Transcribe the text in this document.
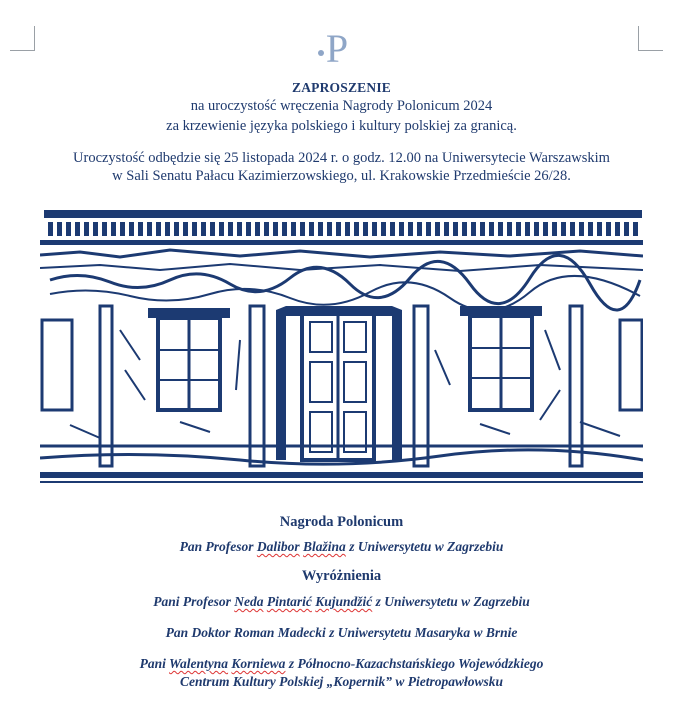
P
ZAPROSZENIE
na uroczystość wręczenia Nagrody Polonicum 2024
za krzewienie języka polskiego i kultury polskiej za granicą.
Uroczystość odbędzie się 25 listopada 2024 r. o godz. 12.00 na Uniwersytecie Warszawskim
w Sali Senatu Pałacu Kazimierzowskiego, ul. Krakowskie Przedmieście 26/28.
Nagroda Polonicum
Pan Profesor Dalibor Blažina z Uniwersytetu w Zagrzebiu
Wyróżnienia
Pani Profesor Neda Pintarić Kujundžić z Uniwersytetu w Zagrzebiu
Pan Doktor Roman Madecki z Uniwersytetu Masaryka w Brnie
Pani Walentyna Korniewa z Północno-Kazachstańskiego Wojewódzkiego
Centrum Kultury Polskiej „Kopernik” w Pietropawłowsku
